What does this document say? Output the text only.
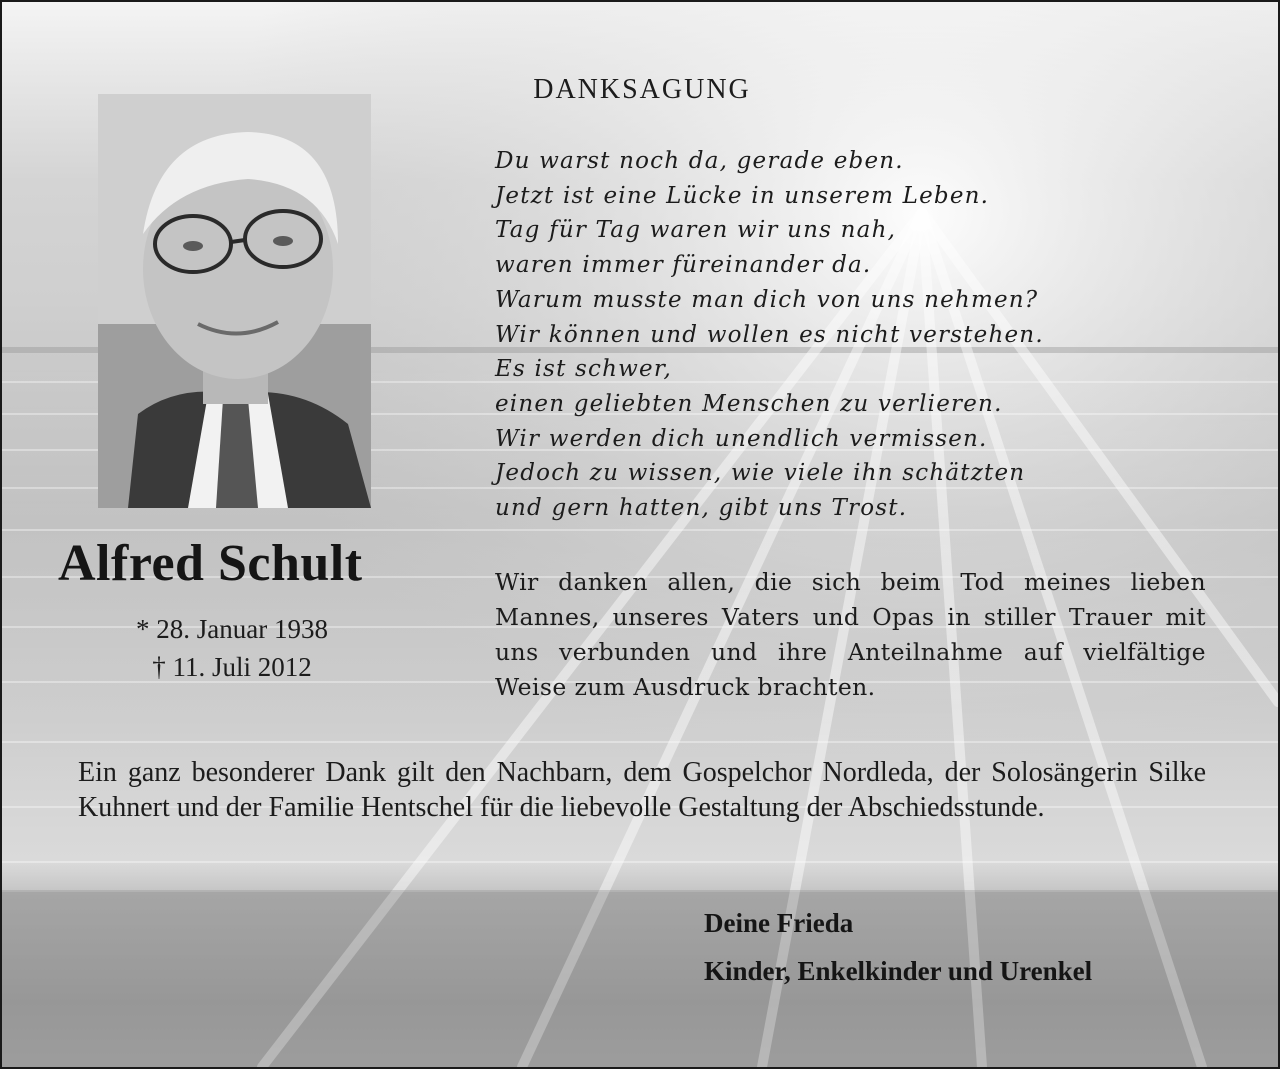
DANKSAGUNG
Du warst noch da, gerade eben.
Jetzt ist eine Lücke in unserem Leben.
Tag für Tag waren wir uns nah,
waren immer füreinander da.
Warum musste man dich von uns nehmen?
Wir können und wollen es nicht verstehen.
Es ist schwer,
einen geliebten Menschen zu verlieren.
Wir werden dich unendlich vermissen.
Jedoch zu wissen, wie viele ihn schätzten
und gern hatten, gibt uns Trost.
Alfred Schult
* 28. Januar 1938
† 11. Juli 2012
Wir danken allen, die sich beim Tod meines lieben Mannes, unseres Vaters und Opas in stiller Trauer mit uns verbunden und ihre Anteilnahme auf vielfältige Weise zum Ausdruck brachten.
Ein ganz besonderer Dank gilt den Nachbarn, dem Gospelchor Nordleda, der Solosängerin Silke Kuhnert und der Familie Hentschel für die liebevolle Gestaltung der Abschiedsstunde.
Deine Frieda
Kinder, Enkelkinder und Urenkel
